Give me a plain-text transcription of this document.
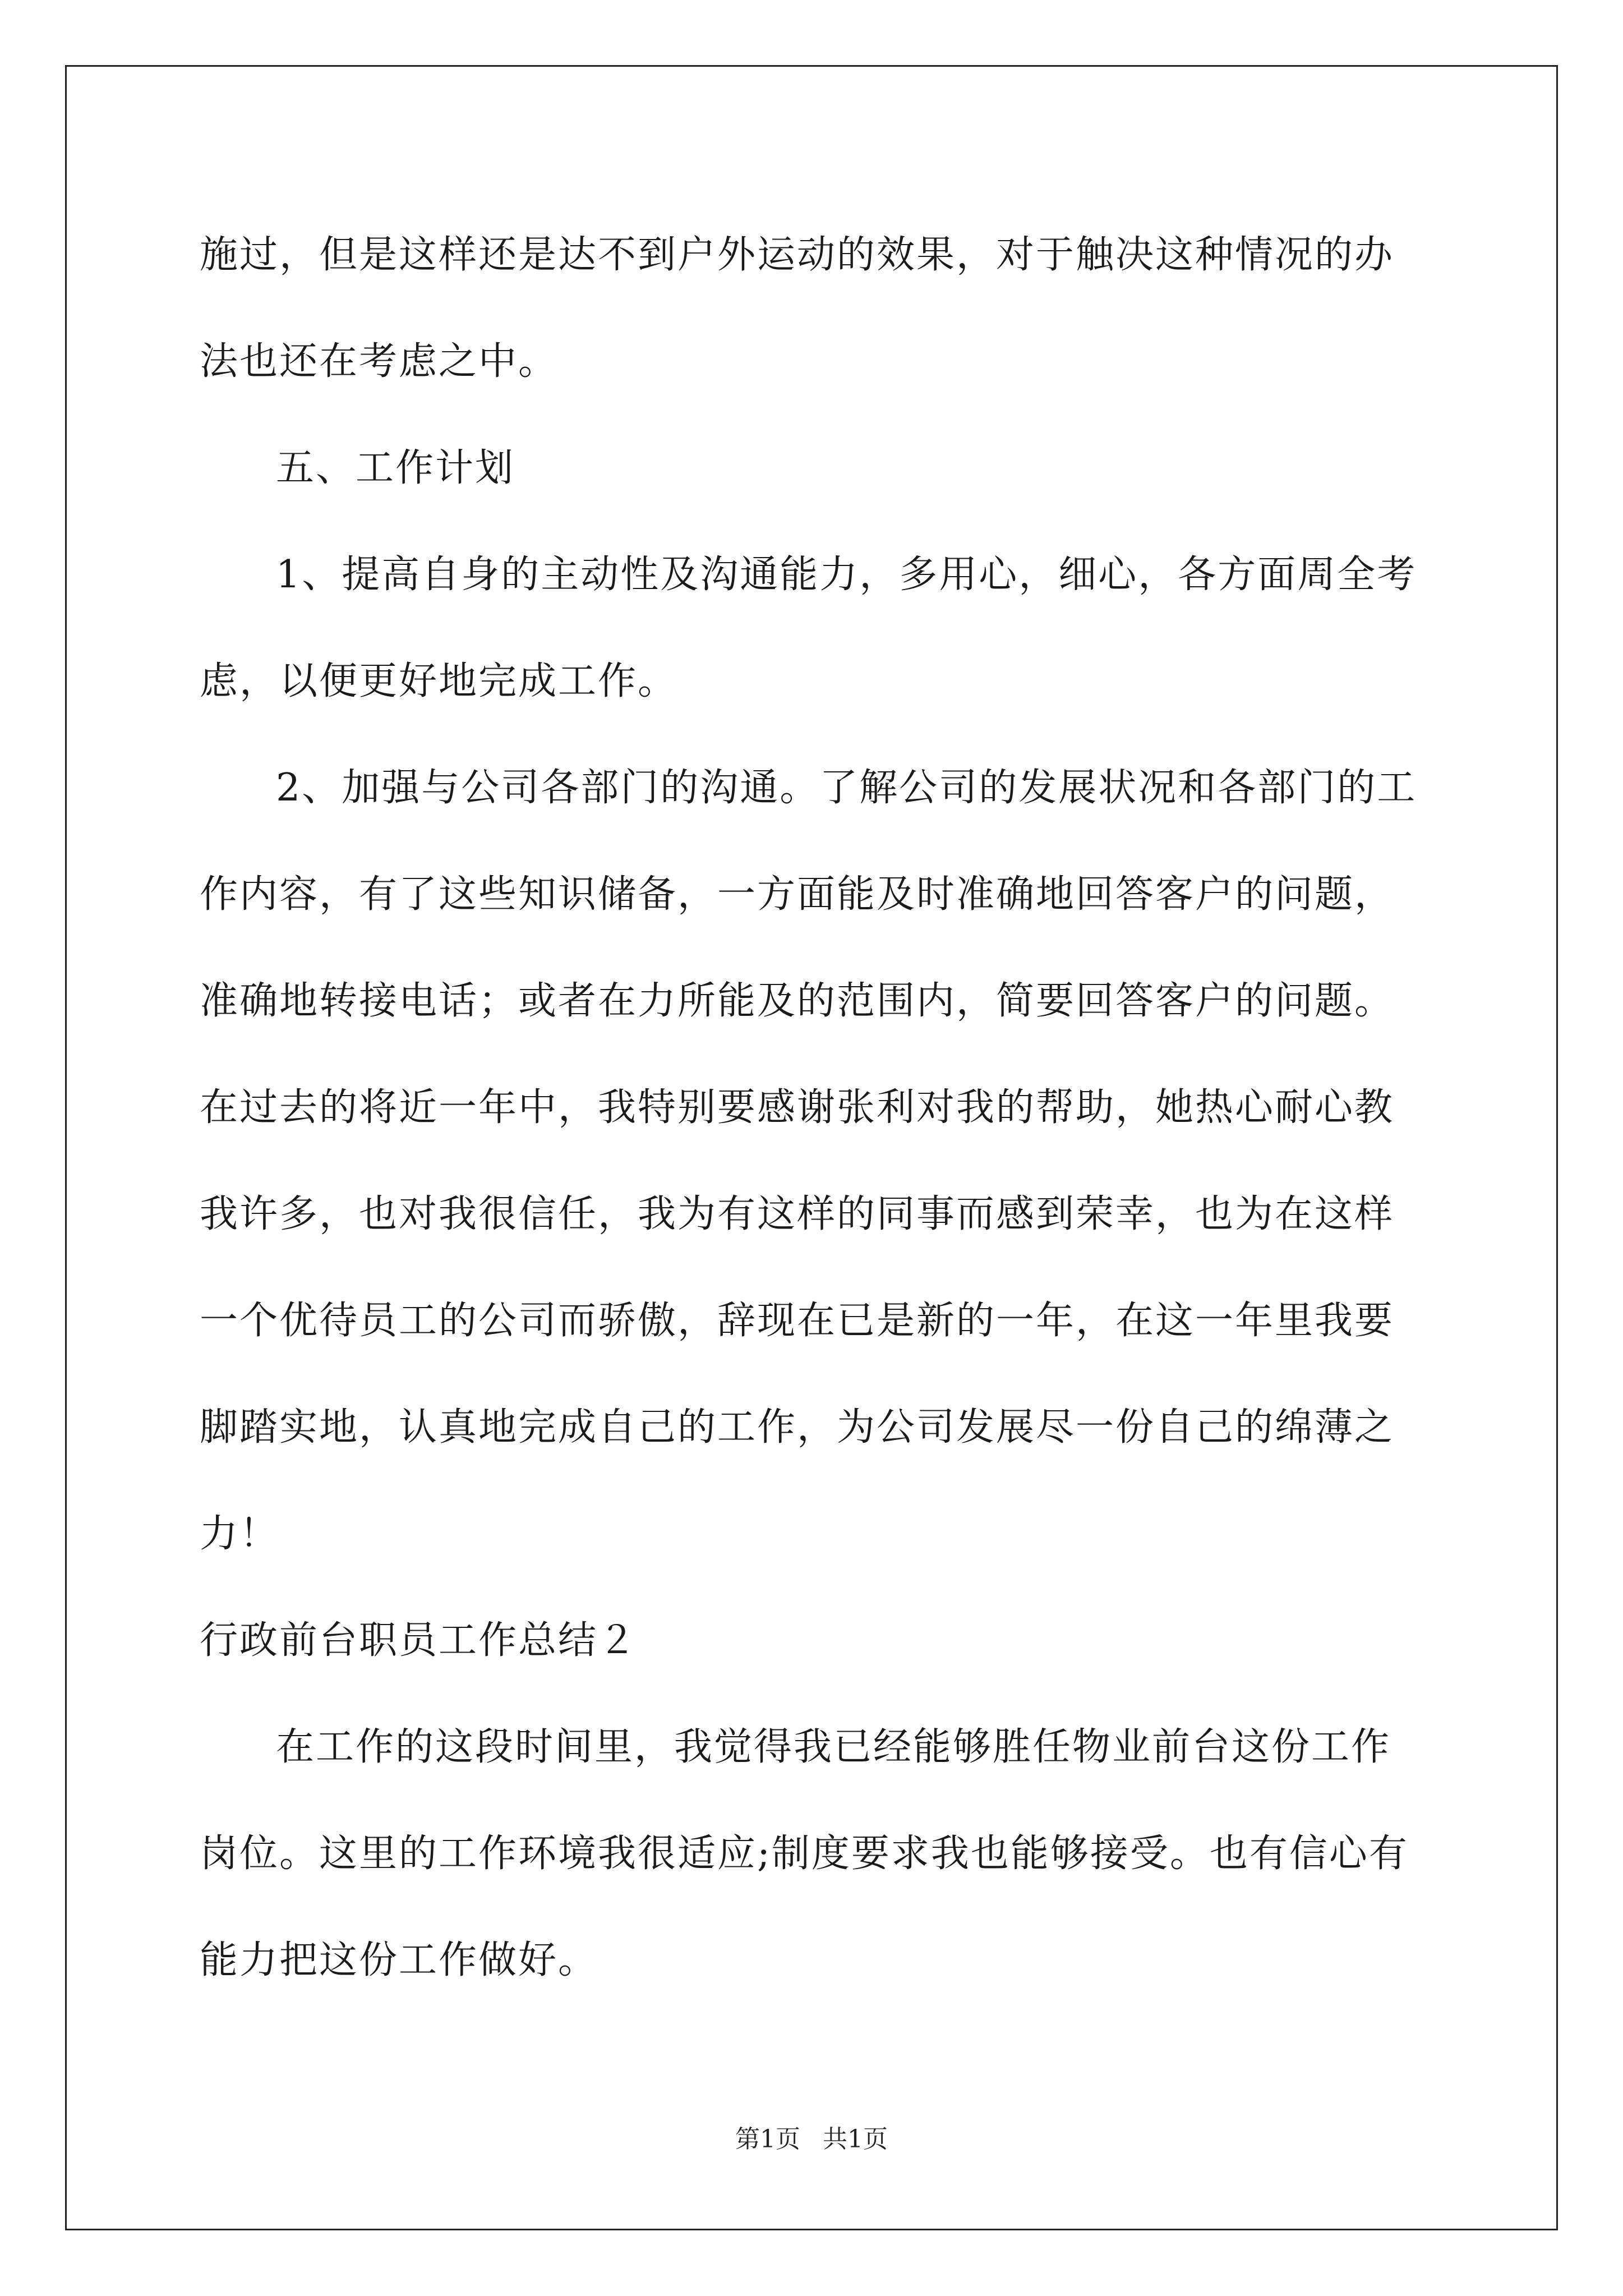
施过，但是这样还是达不到户外运动的效果，对于触决这种情况的办
法也还在考虑之中。
五、工作计划
1、提高自身的主动性及沟通能力，多用心，细心，各方面周全考
虑，以便更好地完成工作。
2、加强与公司各部门的沟通。了解公司的发展状况和各部门的工
作内容，有了这些知识储备，一方面能及时准确地回答客户的问题，
准确地转接电话；或者在力所能及的范围内，简要回答客户的问题。
在过去的将近一年中，我特别要感谢张利对我的帮助，她热心耐心教
我许多，也对我很信任，我为有这样的同事而感到荣幸，也为在这样
一个优待员工的公司而骄傲，辞现在已是新的一年，在这一年里我要
脚踏实地，认真地完成自己的工作，为公司发展尽一份自己的绵薄之
力！
行政前台职员工作总结２
在工作的这段时间里，我觉得我已经能够胜任物业前台这份工作
岗位。这里的工作环境我很适应;制度要求我也能够接受。也有信心有
能力把这份工作做好。
第1页 共1页
